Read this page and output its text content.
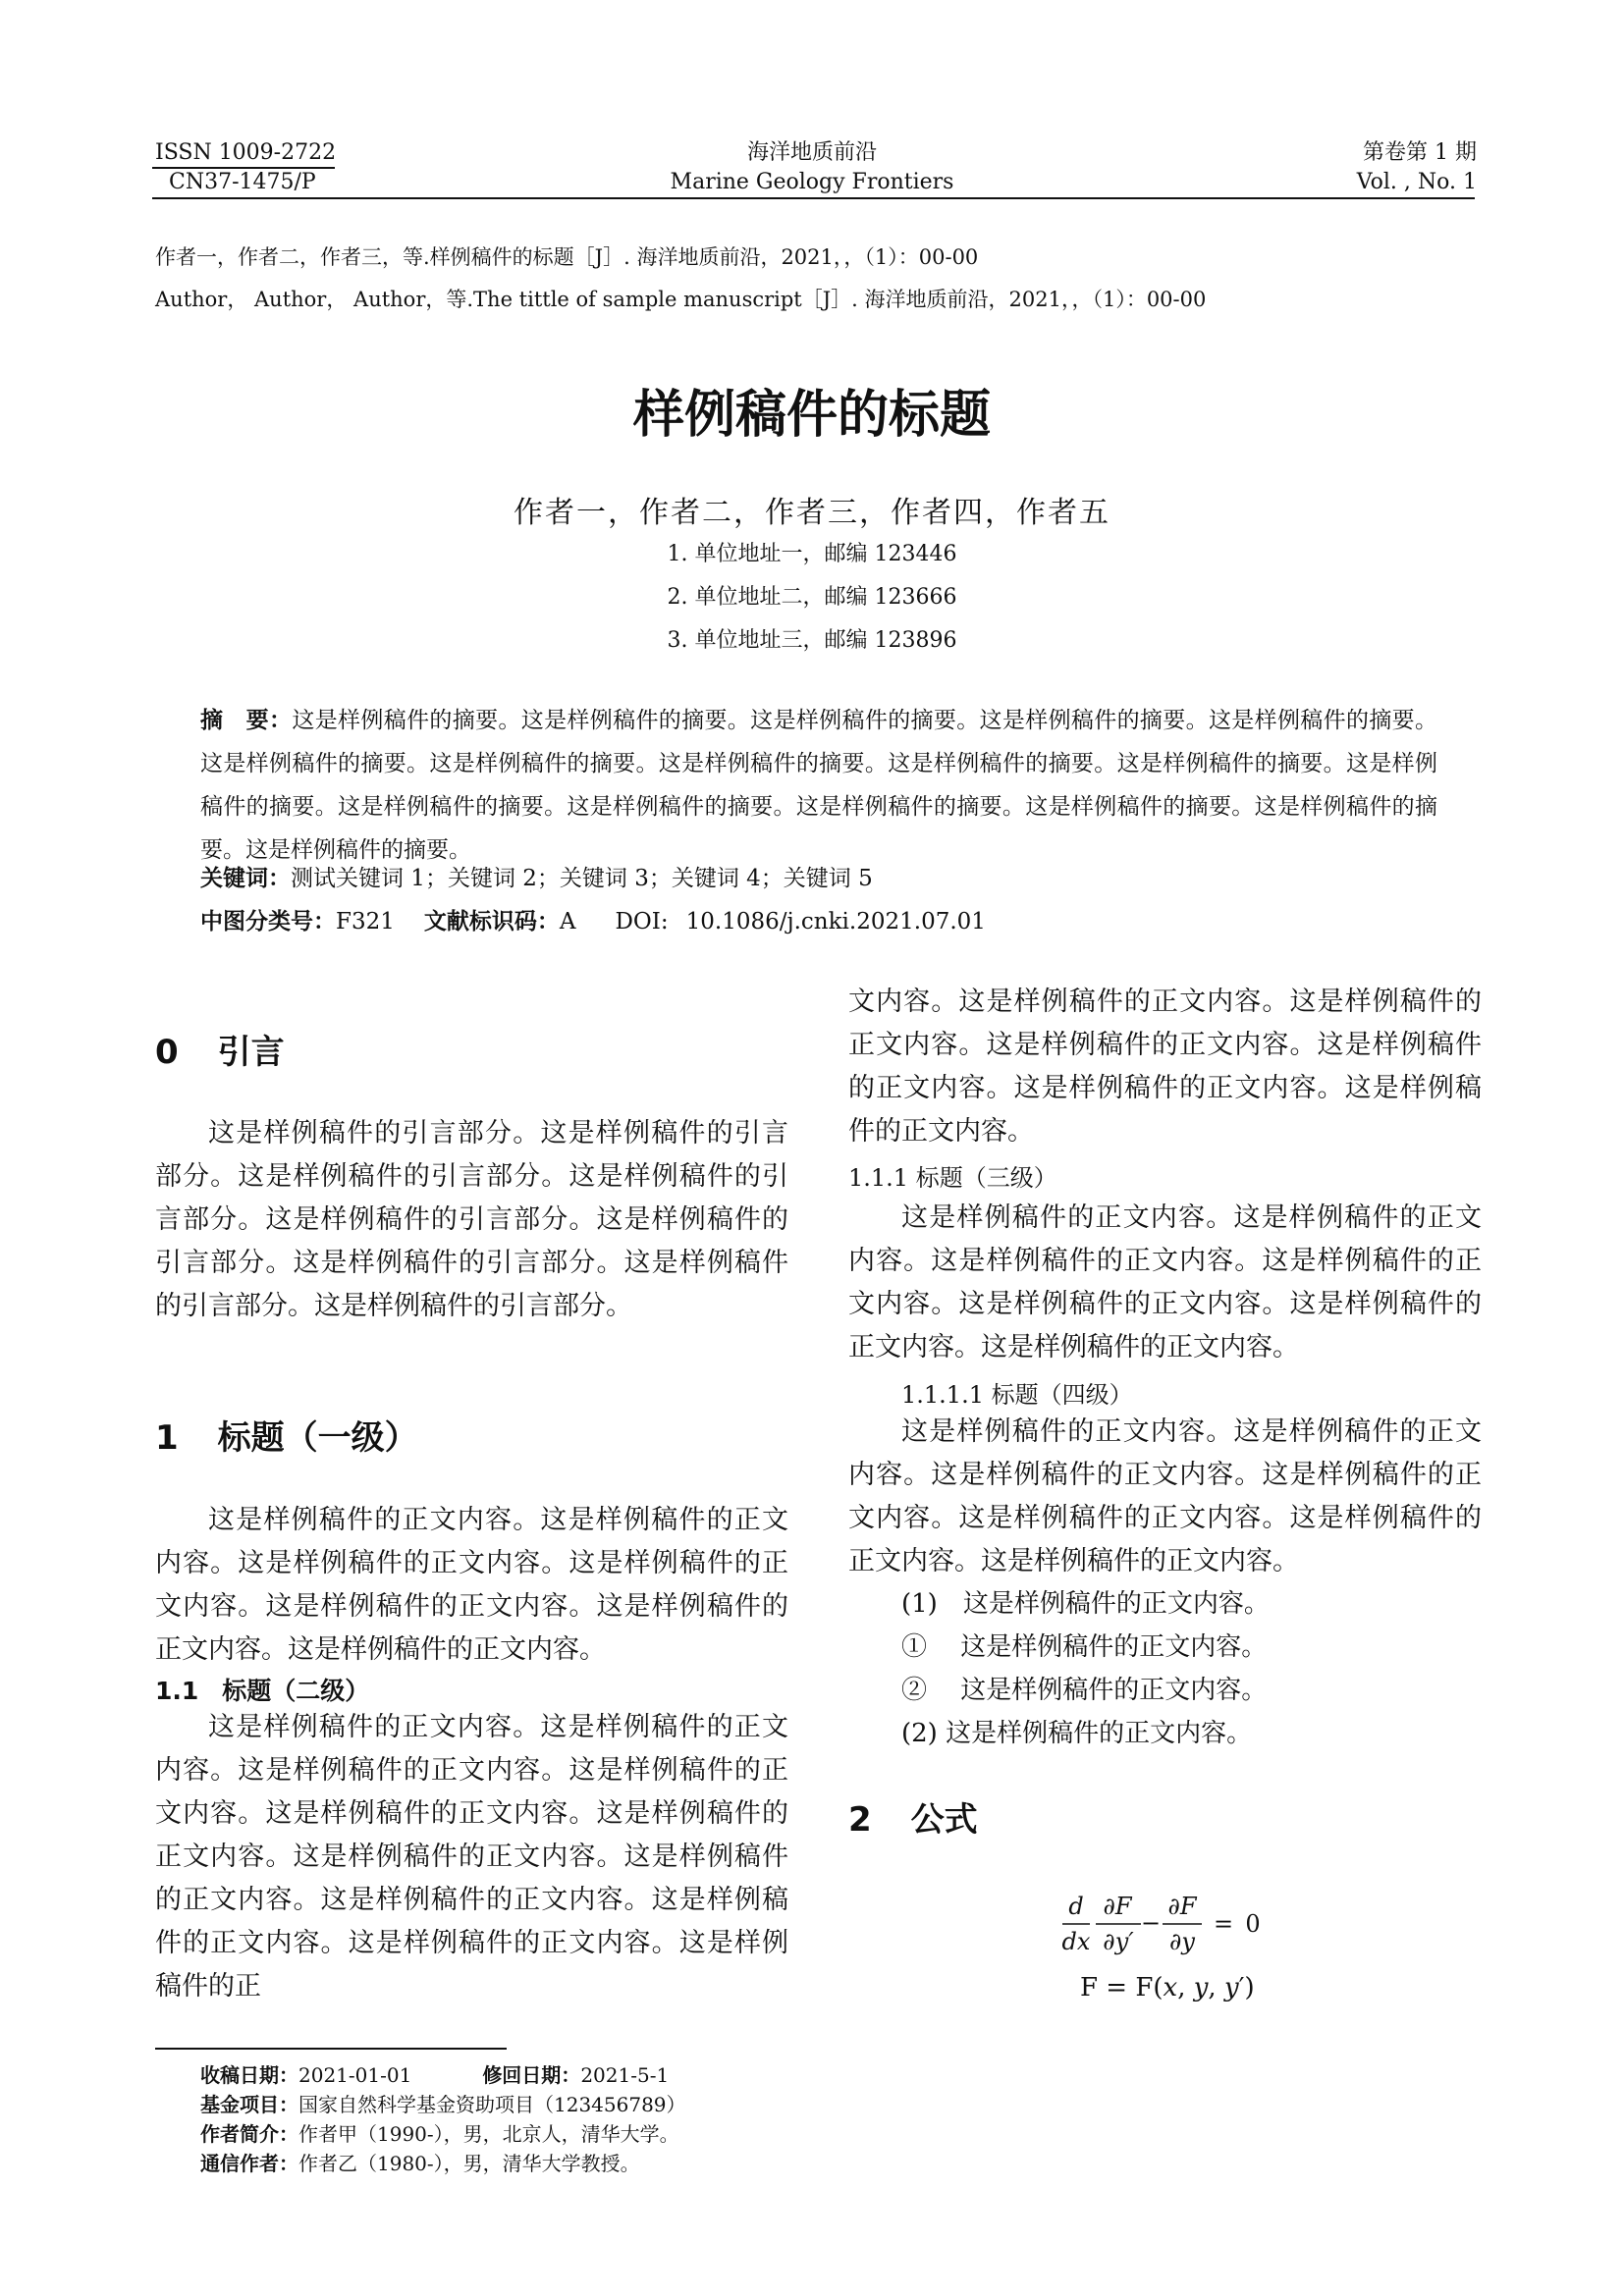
ISSN 1009-2722
CN37-1475/P
海洋地质前沿
Marine Geology Frontiers
第卷第 1 期
Vol. , No. 1
作者一，作者二，作者三，等.样例稿件的标题［J］. 海洋地质前沿，2021，，（1）：00-00
Author， Author， Author，等.The tittle of sample manuscript［J］. 海洋地质前沿，2021，，（1）：00-00
样例稿件的标题
作者一，作者二，作者三，作者四，作者五
1. 单位地址一，邮编 123446
2. 单位地址二，邮编 123666
3. 单位地址三，邮编 123896
摘　要：这是样例稿件的摘要。这是样例稿件的摘要。这是样例稿件的摘要。这是样例稿件的摘要。这是样例稿件的摘要。这是样例稿件的摘要。这是样例稿件的摘要。这是样例稿件的摘要。这是样例稿件的摘要。这是样例稿件的摘要。这是样例稿件的摘要。这是样例稿件的摘要。这是样例稿件的摘要。这是样例稿件的摘要。这是样例稿件的摘要。这是样例稿件的摘要。这是样例稿件的摘要。
关键词：测试关键词 1；关键词 2；关键词 3；关键词 4；关键词 5
中图分类号：F321 文献标识码：A DOI: 10.1086/j.cnki.2021.07.01
0 引言

这是样例稿件的引言部分。这是样例稿件的引言部分。这是样例稿件的引言部分。这是样例稿件的引言部分。这是样例稿件的引言部分。这是样例稿件的引言部分。这是样例稿件的引言部分。这是样例稿件的引言部分。这是样例稿件的引言部分。

1 标题（一级）

这是样例稿件的正文内容。这是样例稿件的正文内容。这是样例稿件的正文内容。这是样例稿件的正文内容。这是样例稿件的正文内容。这是样例稿件的正文内容。这是样例稿件的正文内容。

1.1 标题（二级）

这是样例稿件的正文内容。这是样例稿件的正文内容。这是样例稿件的正文内容。这是样例稿件的正文内容。这是样例稿件的正文内容。这是样例稿件的正文内容。这是样例稿件的正文内容。这是样例稿件的正文内容。这是样例稿件的正文内容。这是样例稿件的正文内容。这是样例稿件的正文内容。这是样例稿件的正

收稿日期：2021-01-01	修回日期：2021-5-1
基金项目：国家自然科学基金资助项目（123456789）
作者简介：作者甲（1990-），男，北京人，清华大学。
通信作者：作者乙（1980-），男，清华大学教授。

文内容。这是样例稿件的正文内容。这是样例稿件的正文内容。这是样例稿件的正文内容。这是样例稿件的正文内容。这是样例稿件的正文内容。这是样例稿件的正文内容。

1.1.1 标题（三级）

这是样例稿件的正文内容。这是样例稿件的正文内容。这是样例稿件的正文内容。这是样例稿件的正文内容。这是样例稿件的正文内容。这是样例稿件的正文内容。这是样例稿件的正文内容。

1.1.1.1 标题（四级）

这是样例稿件的正文内容。这是样例稿件的正文内容。这是样例稿件的正文内容。这是样例稿件的正文内容。这是样例稿件的正文内容。这是样例稿件的正文内容。这是样例稿件的正文内容。

(1)　这是样例稿件的正文内容。
①　 这是样例稿件的正文内容。
②　 这是样例稿件的正文内容。
(2) 这是样例稿件的正文内容。
2 公式
d
dx
∂F
∂y′
−
∂F
∂y
= 0
F = F(𝑥, 𝑦, 𝑦′)
